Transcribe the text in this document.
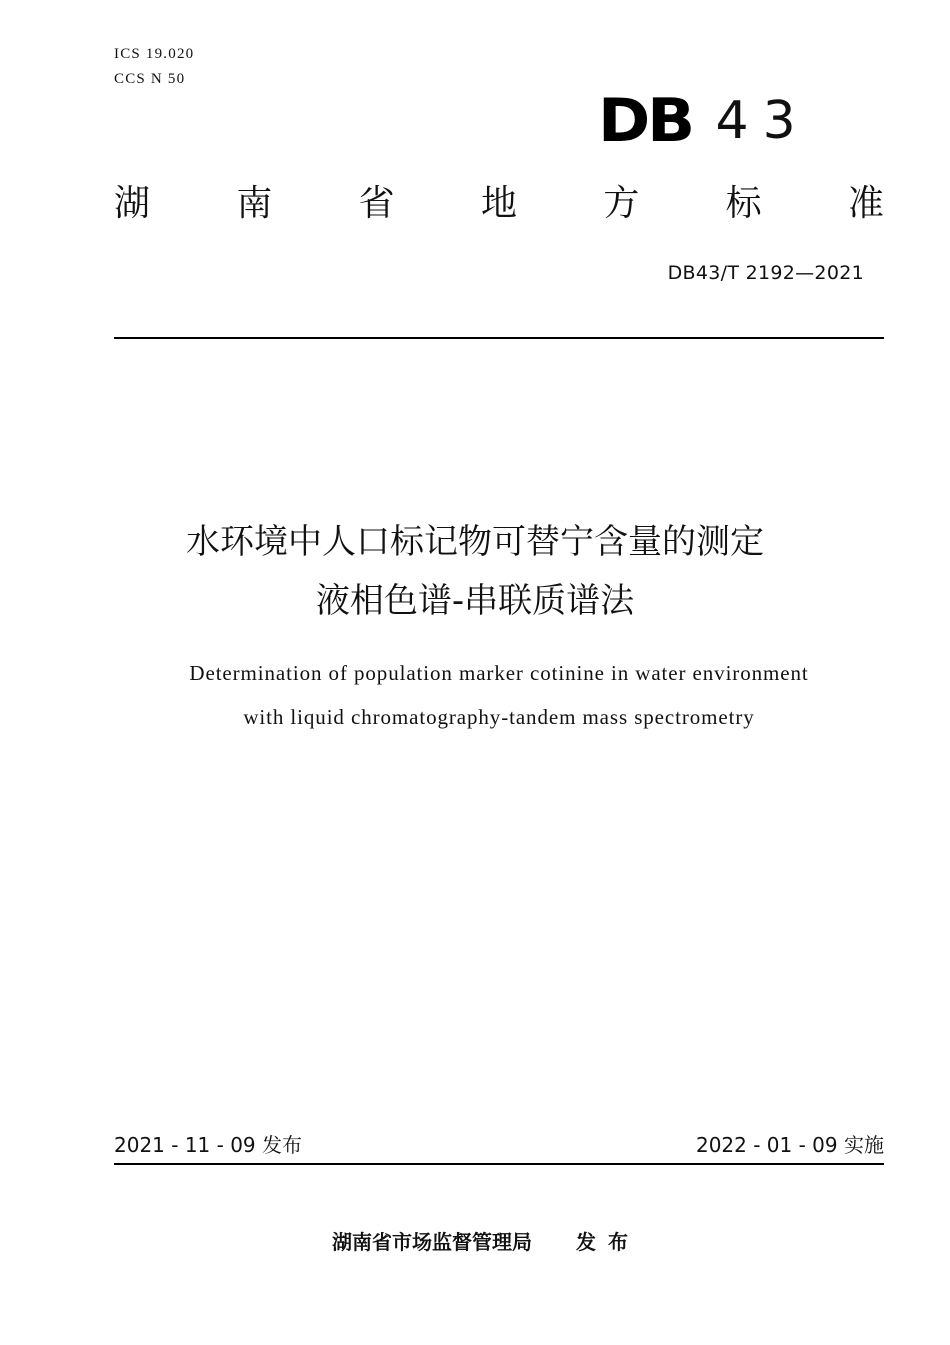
ICS 19.020
CCS N 50
DB 43
湖 南 省 地 方 标 准
DB43/T 2192—2021
水环境中人口标记物可替宁含量的测定
液相色谱-串联质谱法
Determination of population marker cotinine in water environment
with liquid chromatography-tandem mass spectrometry
2021 - 11 - 09 发布	2022 - 01 - 09 实施
湖南省市场监督管理局 发布
